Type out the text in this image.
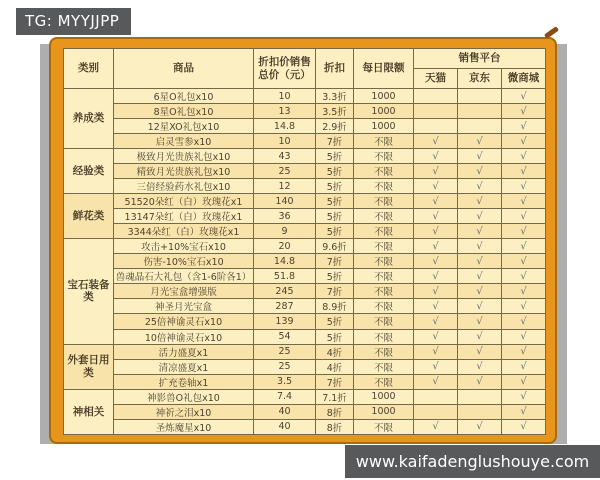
TG: MYYJJPP
类别	商品	折扣价销售总价（元）	折扣	每日限额	销售平台		
					天猫	京东	微商城
养成类	6星O礼包x10	10	3.3折	1000			√
	8星O礼包x10	13	3.5折	1000			√
	12星XO礼包x10	14.8	2.9折	1000			√
	启灵雪参x10	10	7折	不限	√	√	√
经验类	极致月光贵族礼包x10	43	5折	不限	√	√	√
	精致月光贵族礼包x10	25	5折	不限	√	√	√
	三倍经验药水礼包x10	12	5折	不限	√	√	√
鲜花类	51520朵红（白）玫瑰花x1	140	5折	不限	√	√	√
	13147朵红（白）玫瑰花x1	36	5折	不限	√	√	√
	3344朵红（白）玫瑰花x1	9	5折	不限	√	√	√
宝石装备类	攻击+10%宝石x10	20	9.6折	不限	√	√	√
	伤害-10%宝石x10	14.8	7折	不限	√	√	√
	兽魂晶石大礼包（含1-6阶各1）	51.8	5折	不限	√	√	√
	月光宝盒增强版	245	7折	不限	√	√	√
	神圣月光宝盒	287	8.9折	不限	√	√	√
	25倍神谕灵石x10	139	5折	不限	√	√	√
	10倍神谕灵石x10	54	5折	不限	√	√	√
外套日用类	活力盛夏x1	25	4折	不限	√	√	√
	清凉盛夏x1	25	4折	不限	√	√	√
	扩充卷轴x1	3.5	7折	不限	√	√	√
神相关	神影兽O礼包x10	7.4	7.1折	1000			√
	神祈之泪x10	40	8折	1000			√
	圣炼魔星x10	40	8折	不限	√	√	√
www.kaifadenglushouye.com
